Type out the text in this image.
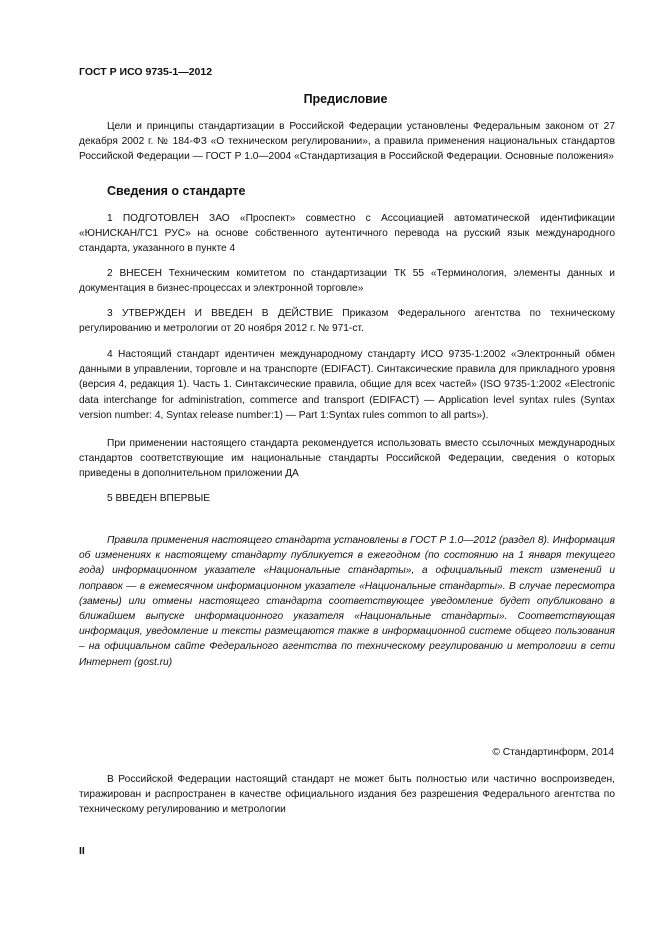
ГОСТ Р ИСО 9735-1—2012
Предисловие

Цели и принципы стандартизации в Российской Федерации установлены Федеральным законом от 27 декабря 2002 г. № 184-ФЗ «О техническом регулировании», а правила применения национальных стандартов Российской Федерации — ГОСТ Р 1.0—2004 «Стандартизация в Российской Федерации. Основные положения»

Сведения о стандарте

1 ПОДГОТОВЛЕН ЗАО «Проспект» совместно с Ассоциацией автоматической идентификации «ЮНИСКАН/ГС1 РУС» на основе собственного аутентичного перевода на русский язык международного стандарта, указанного в пункте 4

2 ВНЕСЕН Техническим комитетом по стандартизации ТК 55 «Терминология, элементы данных и документация в бизнес-процессах и электронной торговле»

3 УТВЕРЖДЕН И ВВЕДЕН В ДЕЙСТВИЕ Приказом Федерального агентства по техническому регулированию и метрологии от 20 ноября 2012 г. № 971-ст.

4 Настоящий стандарт идентичен международному стандарту ИСО 9735-1:2002 «Электронный обмен данными в управлении, торговле и на транспорте (EDIFACT). Синтаксические правила для прикладного уровня (версия 4, редакция 1). Часть 1. Синтаксические правила, общие для всех частей» (ISO 9735-1:2002 «Electronic data interchange for administration, commerce and transport (EDIFACT) — Application level syntax rules (Syntax version number: 4, Syntax release number:1) — Part 1:Syntax rules common to all parts»).

При применении настоящего стандарта рекомендуется использовать вместо ссылочных международных стандартов соответствующие им национальные стандарты Российской Федерации, сведения о которых приведены в дополнительном приложении ДА

5 ВВЕДЕН ВПЕРВЫЕ

Правила применения настоящего стандарта установлены в ГОСТ Р 1.0—2012 (раздел 8). Информация об изменениях к настоящему стандарту публикуется в ежегодном (по состоянию на 1 января текущего года) информационном указателе «Национальные стандарты», а официальный текст изменений и поправок — в ежемесячном информационном указателе «Национальные стандарты». В случае пересмотра (замены) или отмены настоящего стандарта соответствующее уведомление будет опубликовано в ближайшем выпуске информационного указателя «Национальные стандарты». Соответствующая информация, уведомление и тексты размещаются также в информационной системе общего пользования – на официальном сайте Федерального агентства по техническому регулированию и метрологии в сети Интернет (gost.ru)

© Стандартинформ, 2014

В Российской Федерации настоящий стандарт не может быть полностью или частично воспроизведен, тиражирован и распространен в качестве официального издания без разрешения Федерального агентства по техническому регулированию и метрологии

II
